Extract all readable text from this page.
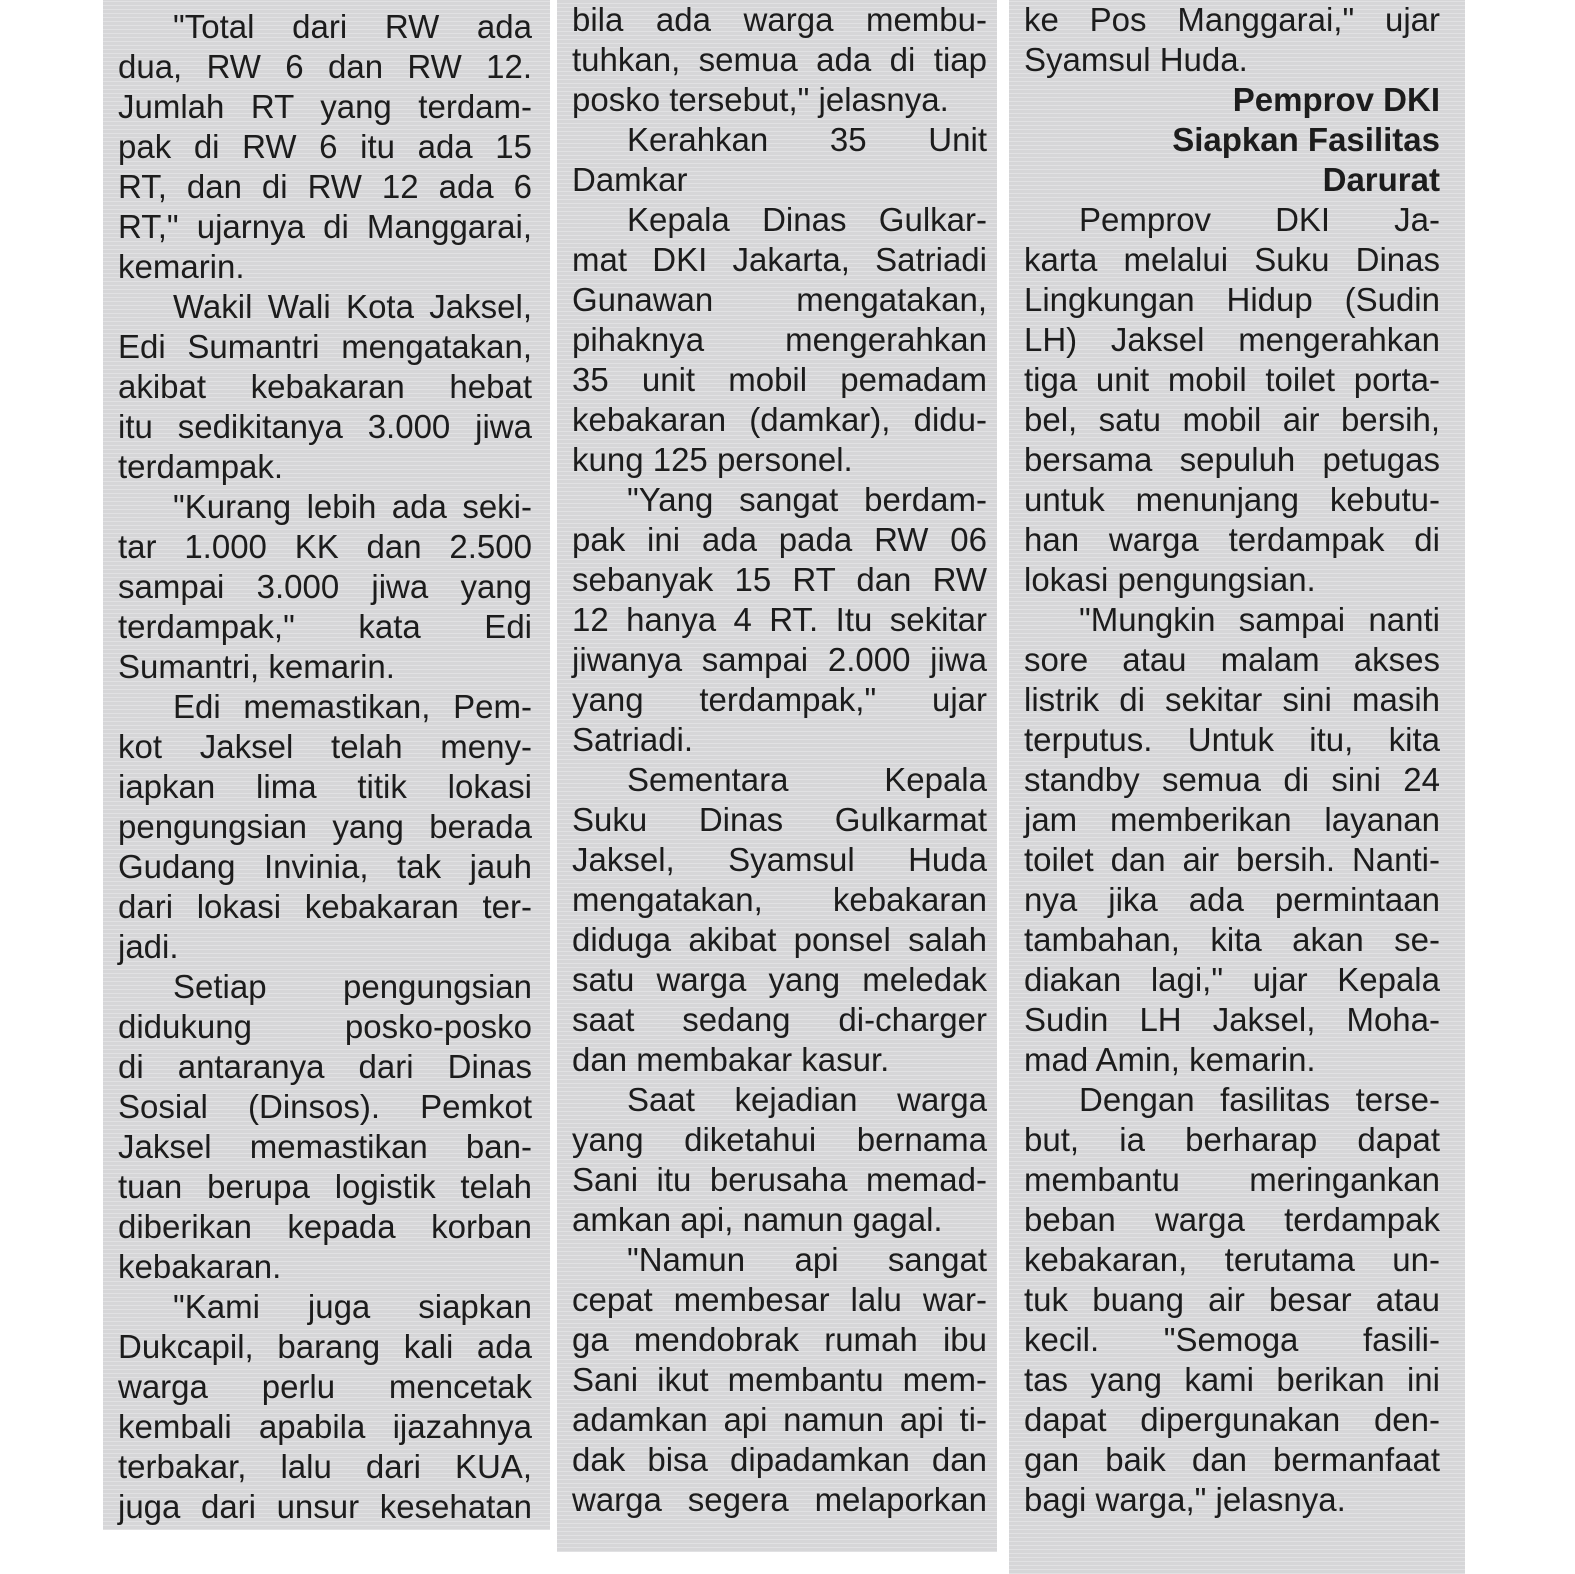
"Total dari RW ada
dua, RW 6 dan RW 12.
Jumlah RT yang terdam-
pak di RW 6 itu ada 15
RT, dan di RW 12 ada 6
RT," ujarnya di Manggarai,
kemarin.
Wakil Wali Kota Jaksel,
Edi Sumantri mengatakan,
akibat kebakaran hebat
itu sedikitanya 3.000 jiwa
terdampak.
"Kurang lebih ada seki-
tar 1.000 KK dan 2.500
sampai 3.000 jiwa yang
terdampak," kata Edi
Sumantri, kemarin.
Edi memastikan, Pem-
kot Jaksel telah meny-
iapkan lima titik lokasi
pengungsian yang berada
Gudang Invinia, tak jauh
dari lokasi kebakaran ter-
jadi.
Setiap pengungsian
didukung posko-posko
di antaranya dari Dinas
Sosial (Dinsos). Pemkot
Jaksel memastikan ban-
tuan berupa logistik telah
diberikan kepada korban
kebakaran.
"Kami juga siapkan
Dukcapil, barang kali ada
warga perlu mencetak
kembali apabila ijazahnya
terbakar, lalu dari KUA,
juga dari unsur kesehatan
bila ada warga membu-
tuhkan, semua ada di tiap
posko tersebut," jelasnya.
Kerahkan 35 Unit
Damkar
Kepala Dinas Gulkar-
mat DKI Jakarta, Satriadi
Gunawan mengatakan,
pihaknya mengerahkan
35 unit mobil pemadam
kebakaran (damkar), didu-
kung 125 personel.
"Yang sangat berdam-
pak ini ada pada RW 06
sebanyak 15 RT dan RW
12 hanya 4 RT. Itu sekitar
jiwanya sampai 2.000 jiwa
yang terdampak," ujar
Satriadi.
Sementara Kepala
Suku Dinas Gulkarmat
Jaksel, Syamsul Huda
mengatakan, kebakaran
diduga akibat ponsel salah
satu warga yang meledak
saat sedang di-charger
dan membakar kasur.
Saat kejadian warga
yang diketahui bernama
Sani itu berusaha memad-
amkan api, namun gagal.
"Namun api sangat
cepat membesar lalu war-
ga mendobrak rumah ibu
Sani ikut membantu mem-
adamkan api namun api ti-
dak bisa dipadamkan dan
warga segera melaporkan
ke Pos Manggarai," ujar
Syamsul Huda.
Pemprov DKI
Siapkan Fasilitas
Darurat
Pemprov DKI Ja-
karta melalui Suku Dinas
Lingkungan Hidup (Sudin
LH) Jaksel mengerahkan
tiga unit mobil toilet porta-
bel, satu mobil air bersih,
bersama sepuluh petugas
untuk menunjang kebutu-
han warga terdampak di
lokasi pengungsian.
"Mungkin sampai nanti
sore atau malam akses
listrik di sekitar sini masih
terputus. Untuk itu, kita
standby semua di sini 24
jam memberikan layanan
toilet dan air bersih. Nanti-
nya jika ada permintaan
tambahan, kita akan se-
diakan lagi," ujar Kepala
Sudin LH Jaksel, Moha-
mad Amin, kemarin.
Dengan fasilitas terse-
but, ia berharap dapat
membantu meringankan
beban warga terdampak
kebakaran, terutama un-
tuk buang air besar atau
kecil. "Semoga fasili-
tas yang kami berikan ini
dapat dipergunakan den-
gan baik dan bermanfaat
bagi warga," jelasnya.
